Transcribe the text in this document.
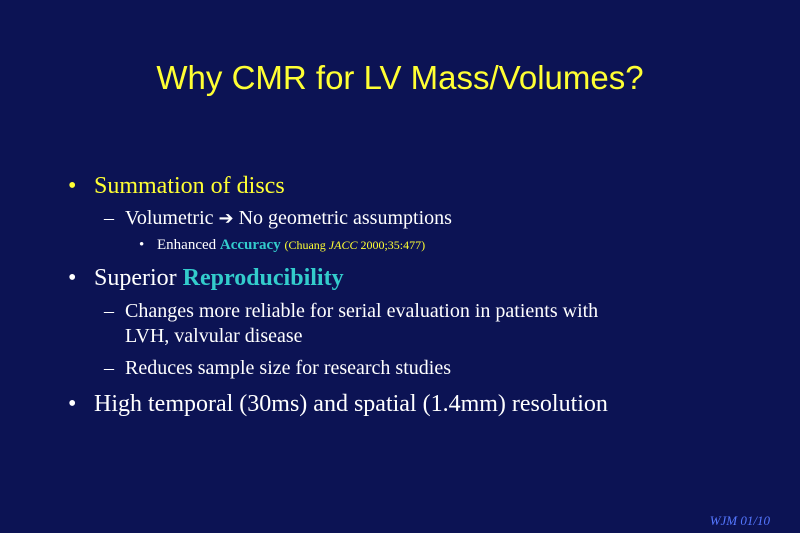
Why CMR for LV Mass/Volumes?
• Summation of discs
– Volumetric ➔ No geometric assumptions
• Enhanced Accuracy (Chuang JACC 2000;35:477)
• Superior Reproducibility
– Changes more reliable for serial evaluation in patients with
LVH, valvular disease
– Reduces sample size for research studies
• High temporal (30ms) and spatial (1.4mm) resolution
WJM 01/10
